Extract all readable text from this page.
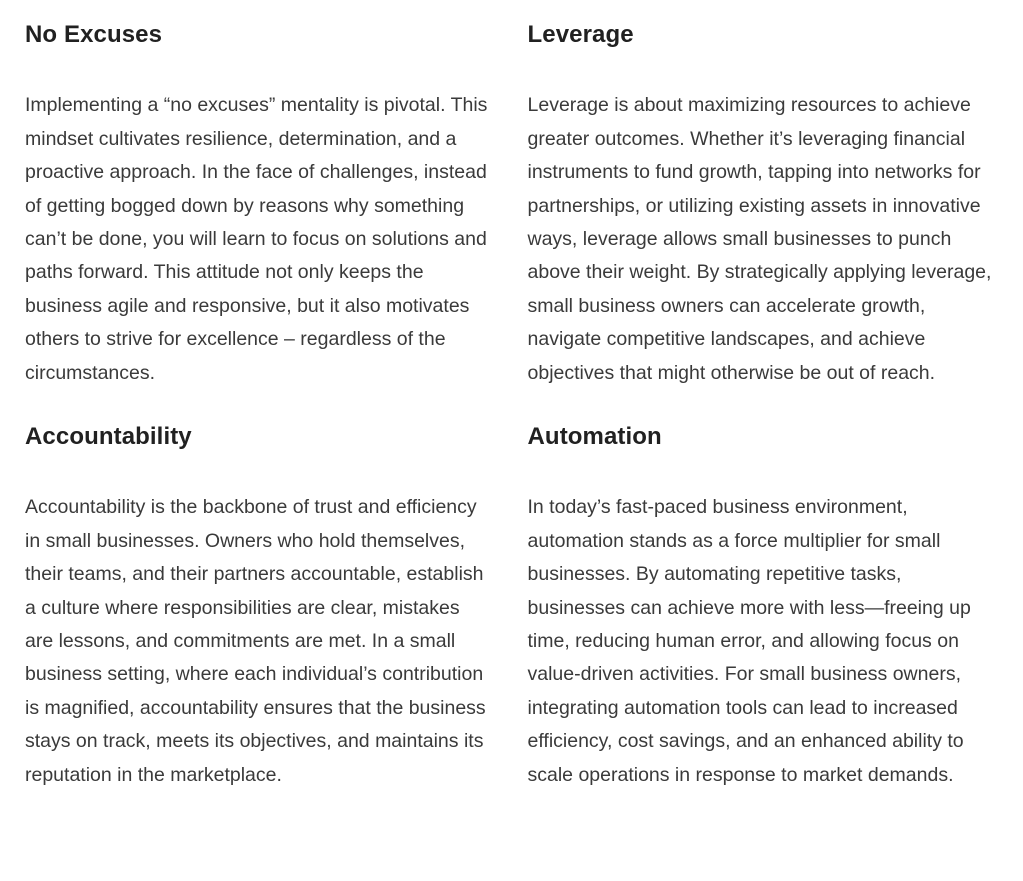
No Excuses

Implementing a “no excuses” mentality is pivotal. This mindset cultivates resilience, determination, and a proactive approach. In the face of challenges, instead of getting bogged down by reasons why something can’t be done, you will learn to focus on solutions and paths forward. This attitude not only keeps the business agile and responsive, but it also motivates others to strive for excellence – regardless of the circumstances.

Leverage

Leverage is about maximizing resources to achieve greater outcomes. Whether it’s leveraging financial instruments to fund growth, tapping into networks for partnerships, or utilizing existing assets in innovative ways, leverage allows small businesses to punch above their weight. By strategically applying leverage, small business owners can accelerate growth, navigate competitive landscapes, and achieve objectives that might otherwise be out of reach.

Accountability

Accountability is the backbone of trust and efficiency in small businesses. Owners who hold themselves, their teams, and their partners accountable, establish a culture where responsibilities are clear, mistakes are lessons, and commitments are met. In a small business setting, where each individual’s contribution is magnified, accountability ensures that the business stays on track, meets its objectives, and maintains its reputation in the marketplace.

Automation

In today’s fast-paced business environment, automation stands as a force multiplier for small businesses. By automating repetitive tasks, businesses can achieve more with less—freeing up time, reducing human error, and allowing focus on value-driven activities. For small business owners, integrating automation tools can lead to increased efficiency, cost savings, and an enhanced ability to scale operations in response to market demands.
